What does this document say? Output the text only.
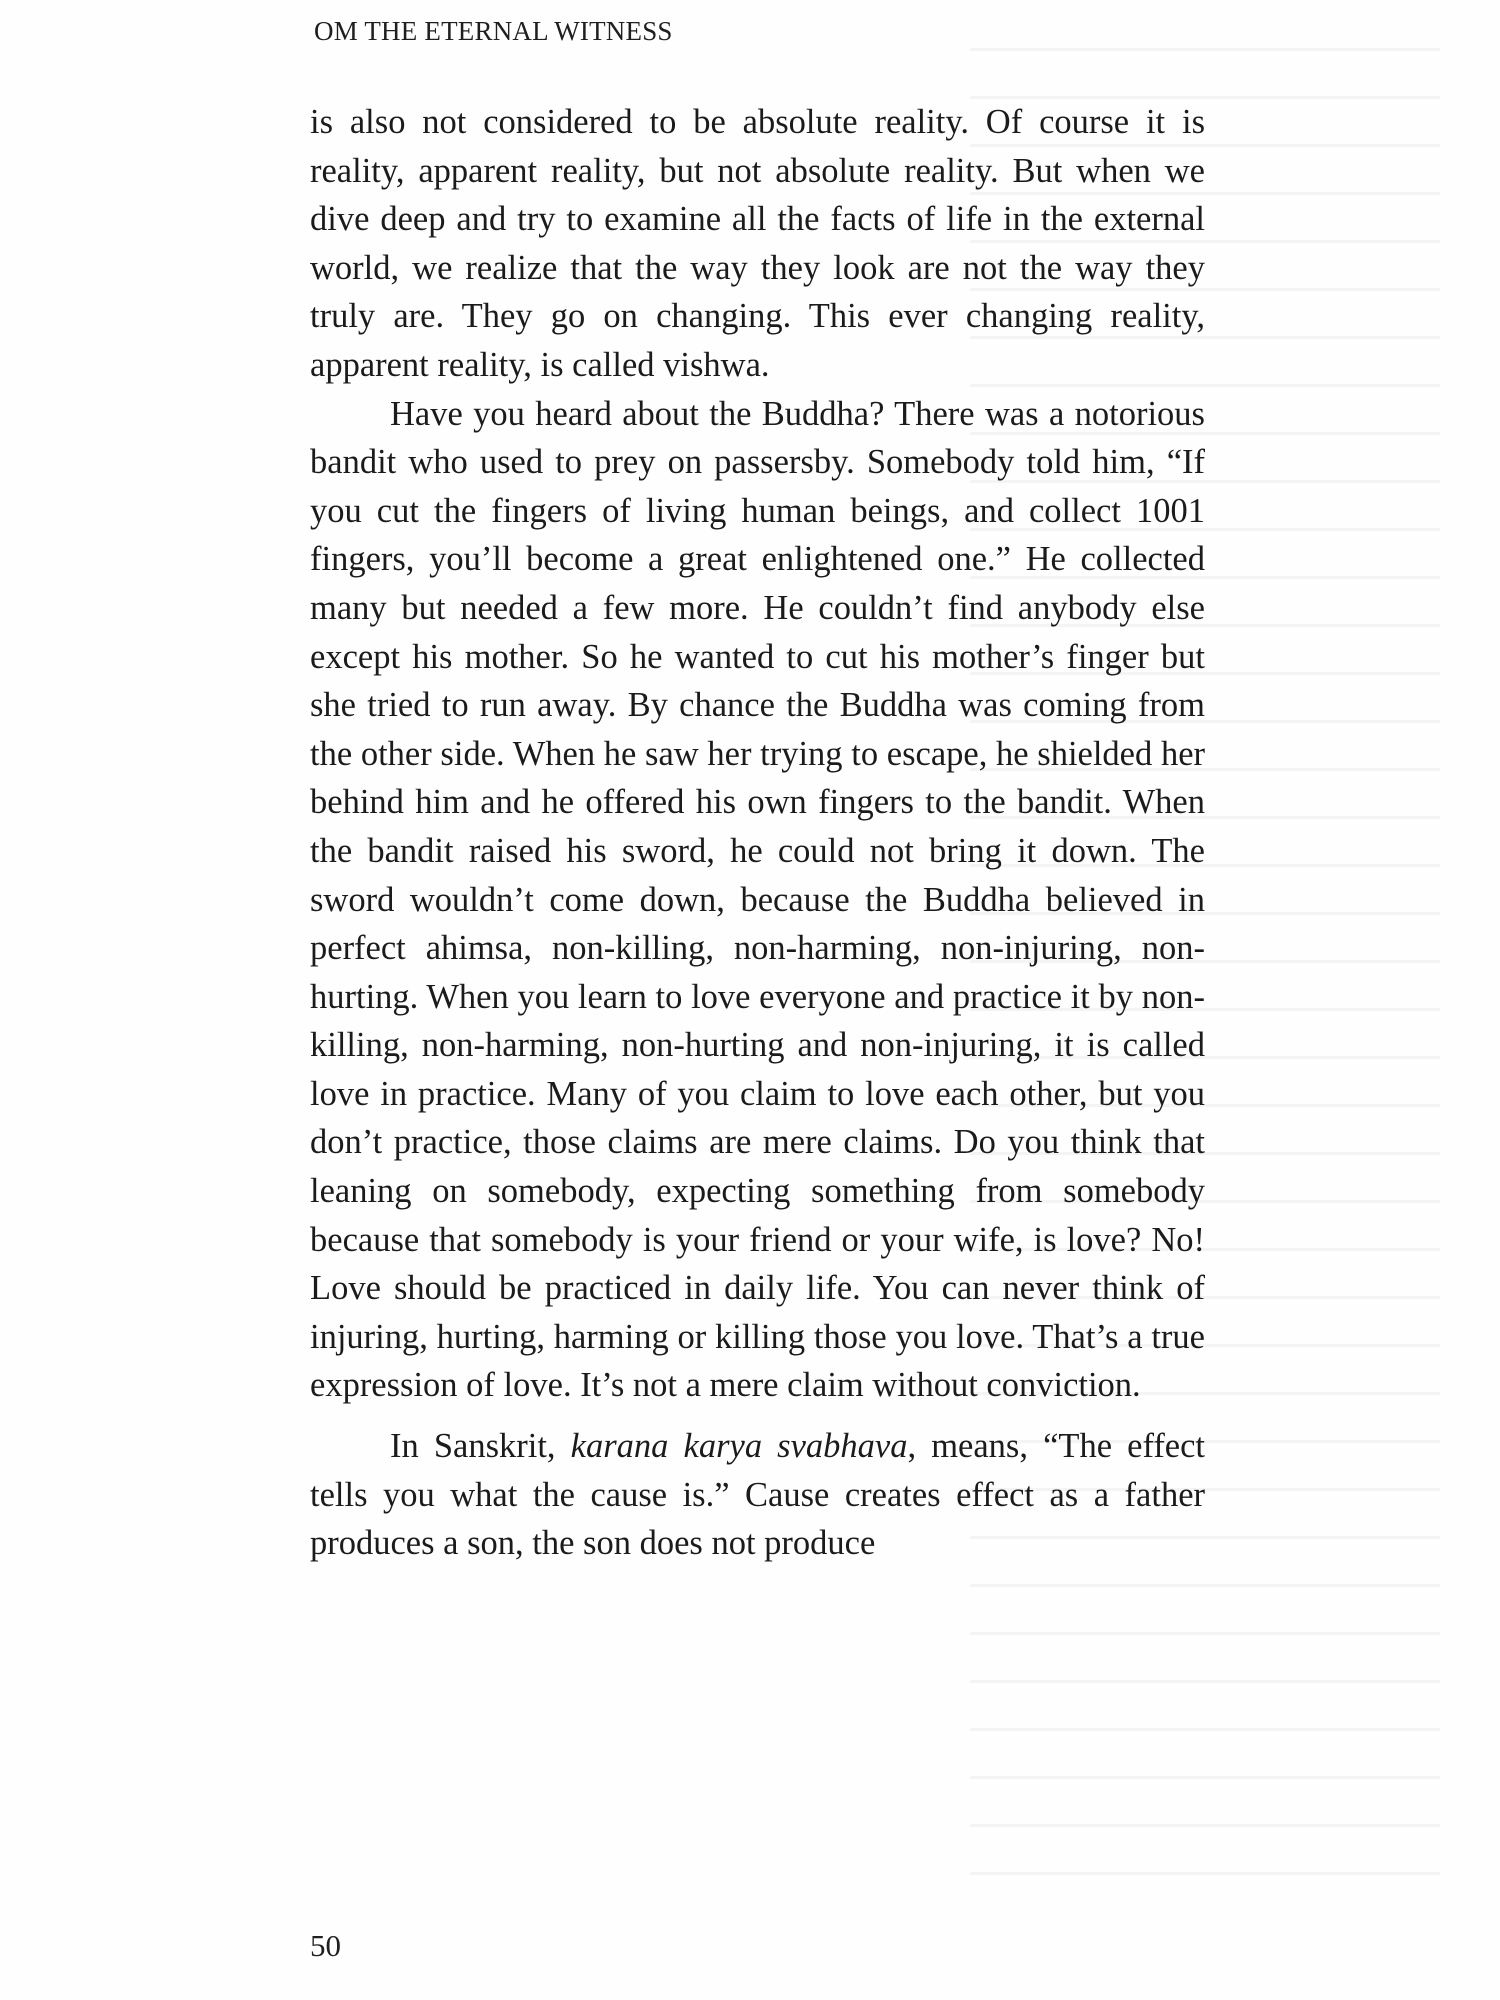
OM THE ETERNAL WITNESS

is also not considered to be absolute reality. Of course it is reality, apparent reality, but not absolute reality. But when we dive deep and try to examine all the facts of life in the external world, we realize that the way they look are not the way they truly are. They go on changing. This ever changing reality, apparent reality, is called vishwa.

Have you heard about the Buddha? There was a notorious bandit who used to prey on passersby. Somebody told him, “If you cut the fingers of living human beings, and collect 1001 fingers, you’ll become a great enlightened one.” He collected many but needed a few more. He couldn’t find anybody else except his mother. So he wanted to cut his mother’s finger but she tried to run away. By chance the Buddha was coming from the other side. When he saw her trying to escape, he shielded her behind him and he offered his own fingers to the bandit. When the bandit raised his sword, he could not bring it down. The sword wouldn’t come down, because the Buddha believed in perfect ahimsa, non-killing, non-harming, non-injuring, non-hurting. When you learn to love everyone and practice it by non-killing, non-harming, non-hurting and non-injuring, it is called love in practice. Many of you claim to love each other, but you don’t practice, those claims are mere claims. Do you think that leaning on somebody, expecting something from somebody because that somebody is your friend or your wife, is love? No! Love should be practiced in daily life. You can never think of injuring, hurting, harming or killing those you love. That’s a true expression of love. It’s not a mere claim without conviction.

In Sanskrit, karana karya svabhava, means, “The effect tells you what the cause is.” Cause creates effect as a father produces a son, the son does not produce

50
